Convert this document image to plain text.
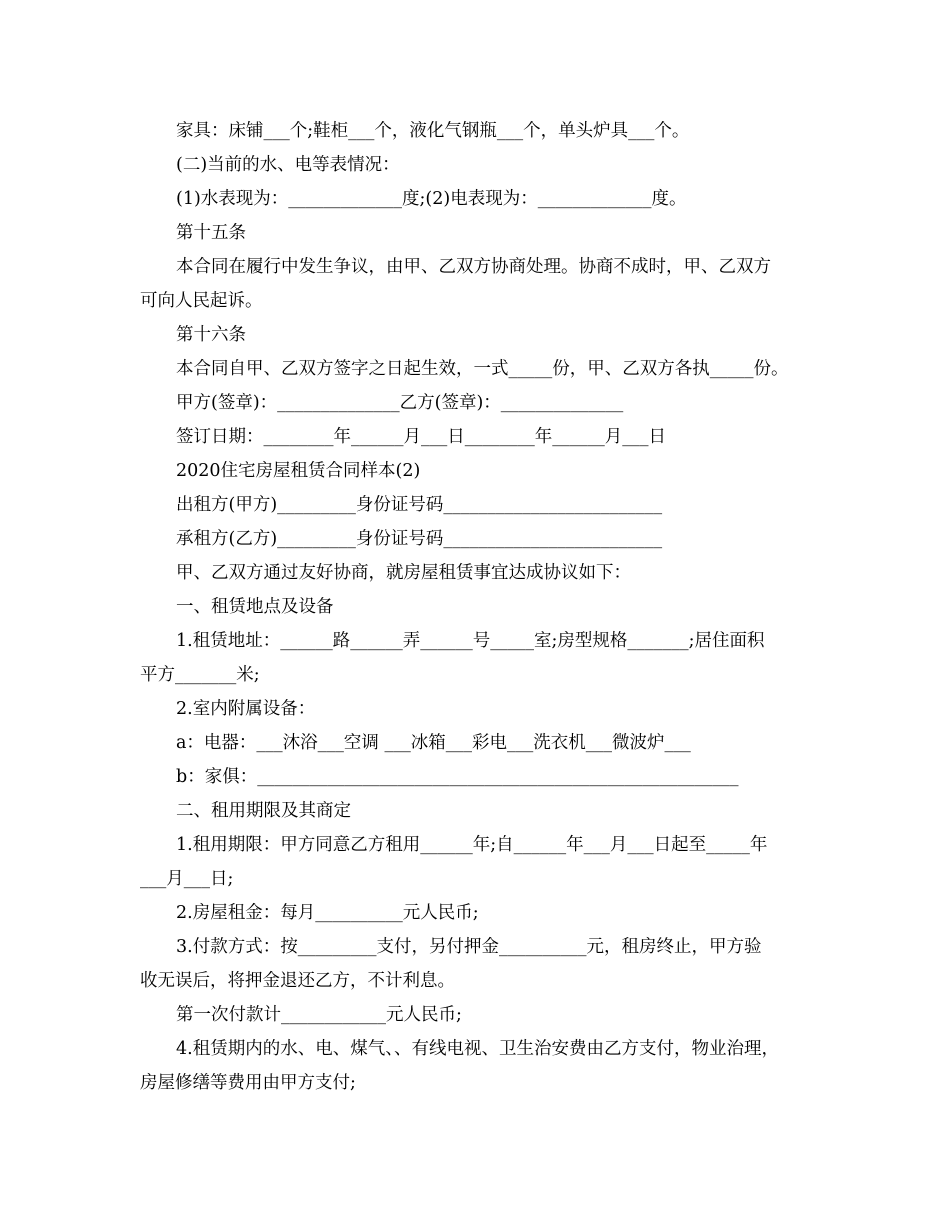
家具：床铺___个;鞋柜___个，液化气钢瓶___个，单头炉具___个。
(二)当前的水、电等表情况：
(1)水表现为：_____________度;(2)电表现为：_____________度。
第十五条
本合同在履行中发生争议，由甲、乙双方协商处理。协商不成时，甲、乙双方
可向人民起诉。
第十六条
本合同自甲、乙双方签字之日起生效，一式_____份，甲、乙双方各执_____份。
甲方(签章)：______________乙方(签章)：______________
签订日期：________年______月___日________年______月___日
2020住宅房屋租赁合同样本(2)
出租方(甲方)_________身份证号码_________________________
承租方(乙方)_________身份证号码_________________________
甲、乙双方通过友好协商，就房屋租赁事宜达成协议如下：
一、租赁地点及设备
1.租赁地址：______路______弄______号_____室;房型规格_______;居住面积
平方_______米;
2.室内附属设备：
a：电器：___沐浴___空调 ___冰箱___彩电___洗衣机___微波炉___
b：家俱：_______________________________________________________
二、租用期限及其商定
1.租用期限：甲方同意乙方租用______年;自______年___月___日起至_____年
___月___日;
2.房屋租金：每月__________元人民币;
3.付款方式：按_________支付，另付押金__________元，租房终止，甲方验
收无误后，将押金退还乙方，不计利息。
第一次付款计____________元人民币;
4.租赁期内的水、电、煤气、、有线电视、卫生治安费由乙方支付，物业治理，
房屋修缮等费用由甲方支付;
